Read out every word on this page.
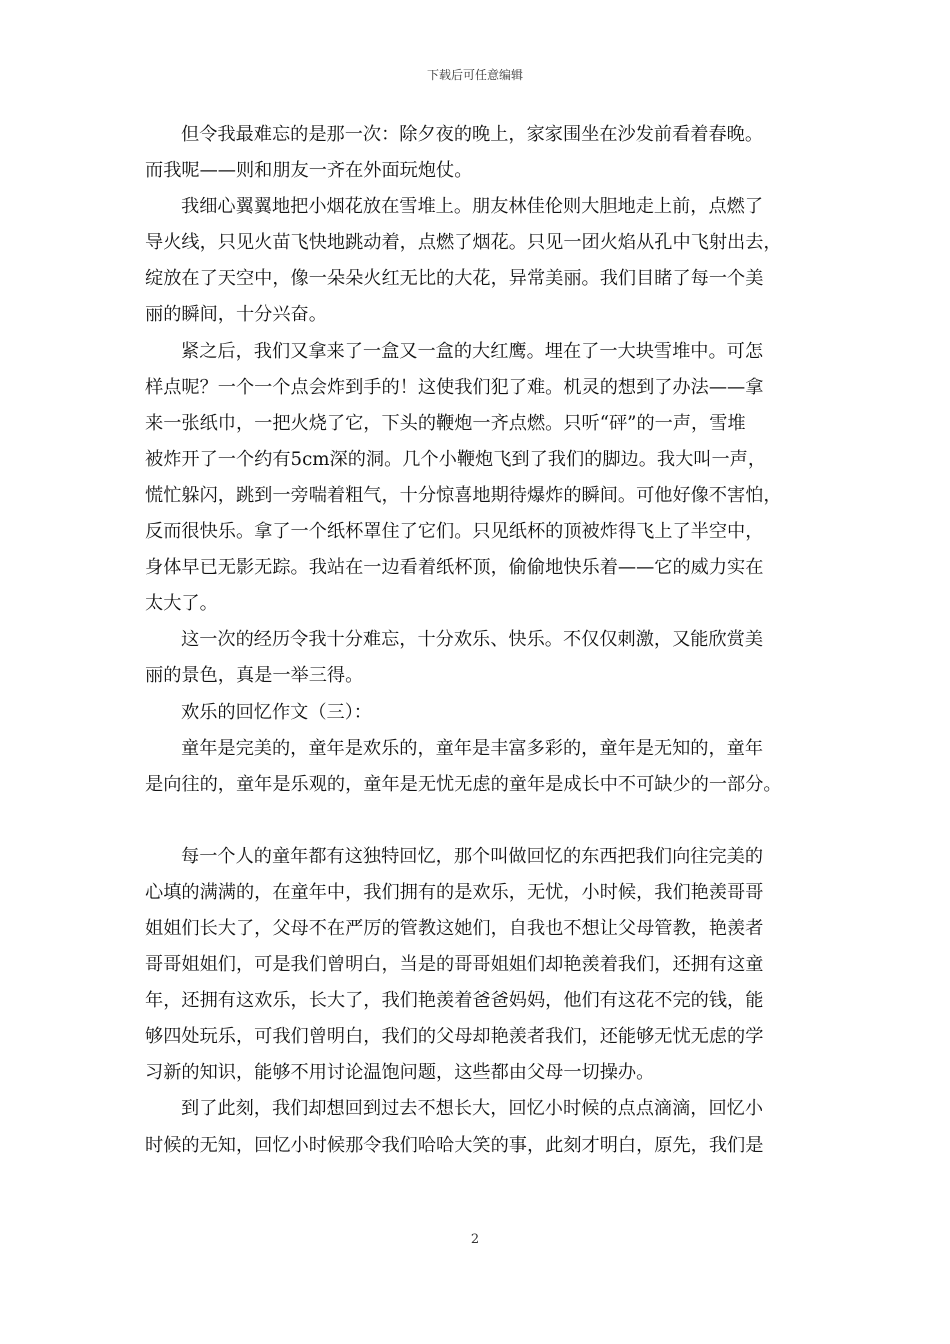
下载后可任意编辑

但令我最难忘的是那一次：除夕夜的晚上，家家围坐在沙发前看着春晚。
而我呢——则和朋友一齐在外面玩炮仗。

我细心翼翼地把小烟花放在雪堆上。朋友林佳伦则大胆地走上前，点燃了
导火线，只见火苗飞快地跳动着，点燃了烟花。只见一团火焰从孔中飞射出去，
绽放在了天空中，像一朵朵火红无比的大花，异常美丽。我们目睹了每一个美
丽的瞬间，十分兴奋。

紧之后，我们又拿来了一盒又一盒的大红鹰。埋在了一大块雪堆中。可怎
样点呢？一个一个点会炸到手的！这使我们犯了难。机灵的想到了办法——拿
来一张纸巾，一把火烧了它，下头的鞭炮一齐点燃。只听“砰”的一声，雪堆
被炸开了一个约有5cm深的洞。几个小鞭炮飞到了我们的脚边。我大叫一声，
慌忙躲闪，跳到一旁喘着粗气，十分惊喜地期待爆炸的瞬间。可他好像不害怕，
反而很快乐。拿了一个纸杯罩住了它们。只见纸杯的顶被炸得飞上了半空中，
身体早已无影无踪。我站在一边看着纸杯顶，偷偷地快乐着——它的威力实在
太大了。

这一次的经历令我十分难忘，十分欢乐、快乐。不仅仅刺激，又能欣赏美
丽的景色，真是一举三得。

欢乐的回忆作文（三）：

童年是完美的，童年是欢乐的，童年是丰富多彩的，童年是无知的，童年
是向往的，童年是乐观的，童年是无忧无虑的童年是成长中不可缺少的一部分。

每一个人的童年都有这独特回忆，那个叫做回忆的东西把我们向往完美的
心填的满满的，在童年中，我们拥有的是欢乐，无忧，小时候，我们艳羡哥哥
姐姐们长大了，父母不在严厉的管教这她们，自我也不想让父母管教，艳羡者
哥哥姐姐们，可是我们曾明白，当是的哥哥姐姐们却艳羡着我们，还拥有这童
年，还拥有这欢乐，长大了，我们艳羡着爸爸妈妈，他们有这花不完的钱，能
够四处玩乐，可我们曾明白，我们的父母却艳羡者我们，还能够无忧无虑的学
习新的知识，能够不用讨论温饱问题，这些都由父母一切操办。

到了此刻，我们却想回到过去不想长大，回忆小时候的点点滴滴，回忆小
时候的无知，回忆小时候那令我们哈哈大笑的事，此刻才明白，原先，我们是

2
